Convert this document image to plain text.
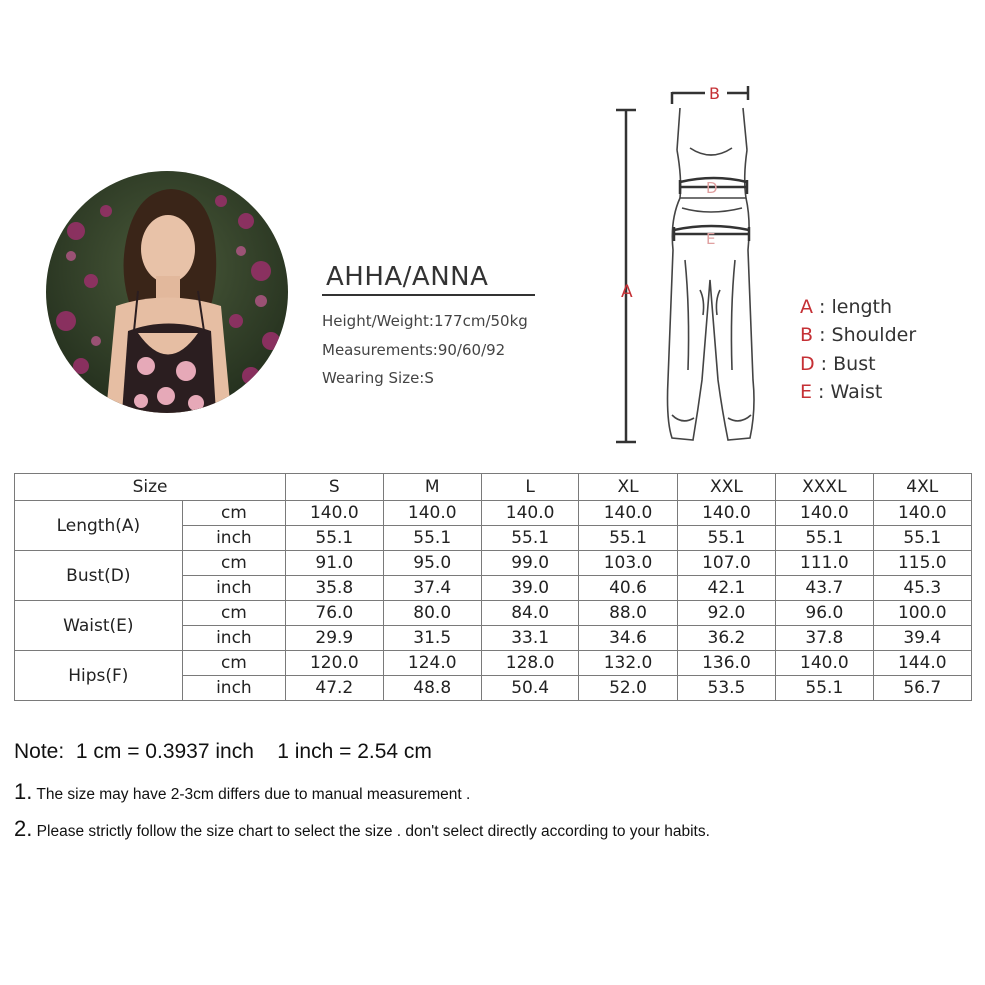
AHHA/ANNA
Height/Weight:177cm/50kg
Measurements:90/60/92
Wearing Size:S
A
B
D
E
A : length
B : Shoulder
D : Bust
E : Waist
Size		S	M	L	XL	XXL	XXXL	4XL
Length(A)	cm	140.0	140.0	140.0	140.0	140.0	140.0	140.0
	inch	55.1	55.1	55.1	55.1	55.1	55.1	55.1
Bust(D)	cm	91.0	95.0	99.0	103.0	107.0	111.0	115.0
	inch	35.8	37.4	39.0	40.6	42.1	43.7	45.3
Waist(E)	cm	76.0	80.0	84.0	88.0	92.0	96.0	100.0
	inch	29.9	31.5	33.1	34.6	36.2	37.8	39.4
Hips(F)	cm	120.0	124.0	128.0	132.0	136.0	140.0	144.0
	inch	47.2	48.8	50.4	52.0	53.5	55.1	56.7
Note:  1 cm = 0.3937 inch    1 inch = 2.54 cm
1. The size may have 2-3cm differs due to manual measurement .
2. Please strictly follow the size chart to select the size . don't select directly according to your habits.
